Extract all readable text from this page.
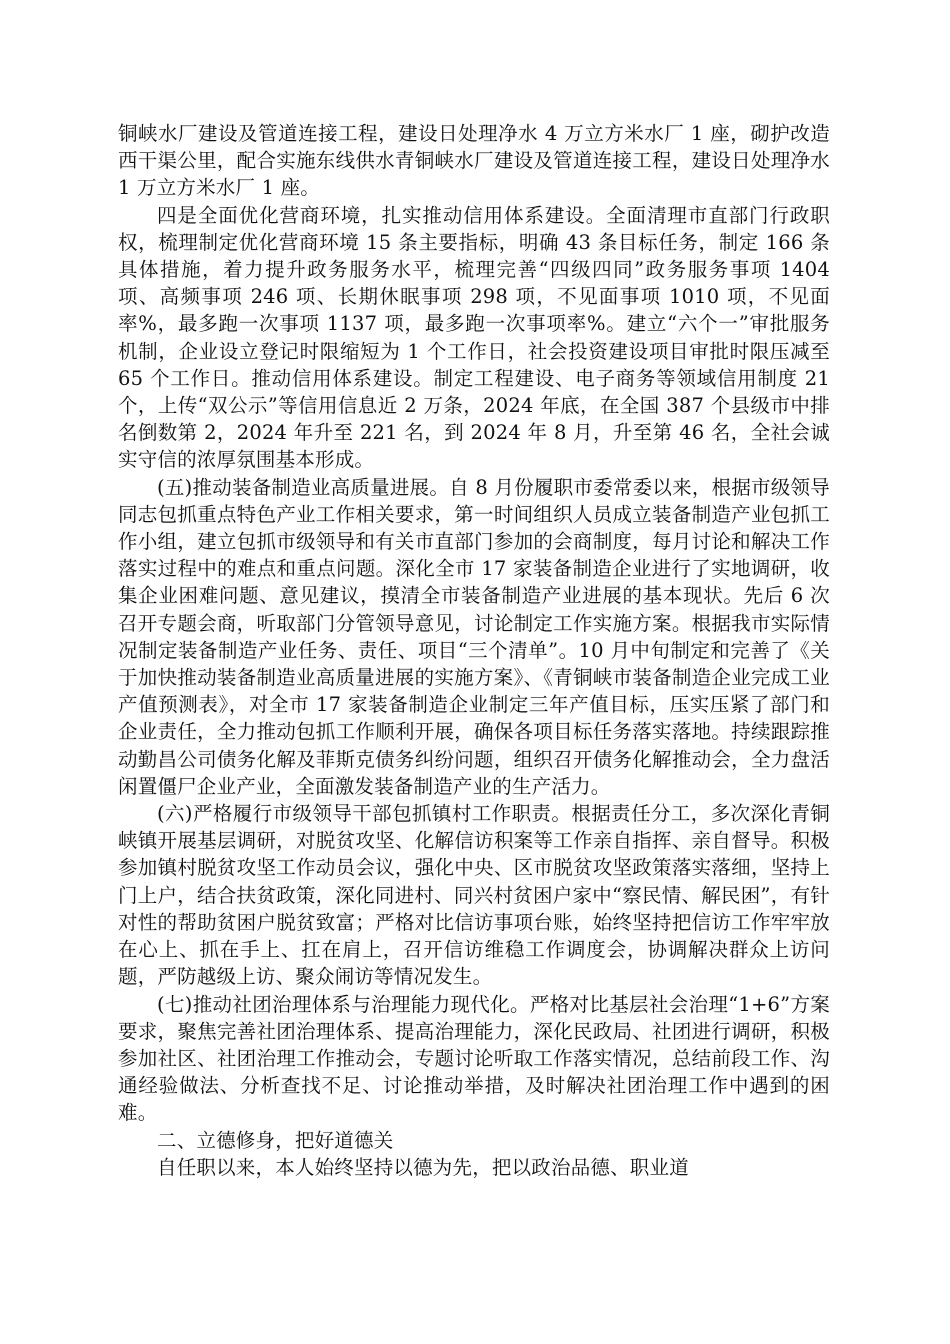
铜峡水厂建设及管道连接工程，建设日处理净水 4 万立方米水厂 1 座，砌护改造西干渠公里，配合实施东线供水青铜峡水厂建设及管道连接工程，建设日处理净水 1 万立方米水厂 1 座。

四是全面优化营商环境，扎实推动信用体系建设。全面清理市直部门行政职权，梳理制定优化营商环境 15 条主要指标，明确 43 条目标任务，制定 166 条具体措施，着力提升政务服务水平，梳理完善“四级四同”政务服务事项 1404 项、高频事项 246 项、长期休眠事项 298 项，不见面事项 1010 项，不见面率%，最多跑一次事项 1137 项，最多跑一次事项率%。建立“六个一”审批服务机制，企业设立登记时限缩短为 1 个工作日，社会投资建设项目审批时限压减至 65 个工作日。推动信用体系建设。制定工程建设、电子商务等领域信用制度 21 个，上传“双公示”等信用信息近 2 万条，2024 年底，在全国 387 个县级市中排名倒数第 2，2024 年升至 221 名，到 2024 年 8 月，升至第 46 名，全社会诚实守信的浓厚氛围基本形成。

(五)推动装备制造业高质量进展。自 8 月份履职市委常委以来，根据市级领导同志包抓重点特色产业工作相关要求，第一时间组织人员成立装备制造产业包抓工作小组，建立包抓市级领导和有关市直部门参加的会商制度，每月讨论和解决工作落实过程中的难点和重点问题。深化全市 17 家装备制造企业进行了实地调研，收集企业困难问题、意见建议，摸清全市装备制造产业进展的基本现状。先后 6 次召开专题会商，听取部门分管领导意见，讨论制定工作实施方案。根据我市实际情况制定装备制造产业任务、责任、项目“三个清单”。10 月中旬制定和完善了《关于加快推动装备制造业高质量进展的实施方案》、《青铜峡市装备制造企业完成工业产值预测表》，对全市 17 家装备制造企业制定三年产值目标，压实压紧了部门和企业责任，全力推动包抓工作顺利开展，确保各项目标任务落实落地。持续跟踪推动勤昌公司债务化解及菲斯克债务纠纷问题，组织召开债务化解推动会，全力盘活闲置僵尸企业产业，全面激发装备制造产业的生产活力。

(六)严格履行市级领导干部包抓镇村工作职责。根据责任分工，多次深化青铜峡镇开展基层调研，对脱贫攻坚、化解信访积案等工作亲自指挥、亲自督导。积极参加镇村脱贫攻坚工作动员会议，强化中央、区市脱贫攻坚政策落实落细，坚持上门上户，结合扶贫政策，深化同进村、同兴村贫困户家中“察民情、解民困”，有针对性的帮助贫困户脱贫致富；严格对比信访事项台账，始终坚持把信访工作牢牢放在心上、抓在手上、扛在肩上，召开信访维稳工作调度会，协调解决群众上访问题，严防越级上访、聚众闹访等情况发生。

(七)推动社团治理体系与治理能力现代化。严格对比基层社会治理“1+6”方案要求，聚焦完善社团治理体系、提高治理能力，深化民政局、社团进行调研，积极参加社区、社团治理工作推动会，专题讨论听取工作落实情况，总结前段工作、沟通经验做法、分析查找不足、讨论推动举措，及时解决社团治理工作中遇到的困难。

二、立德修身，把好道德关

自任职以来，本人始终坚持以德为先，把以政治品德、职业道
